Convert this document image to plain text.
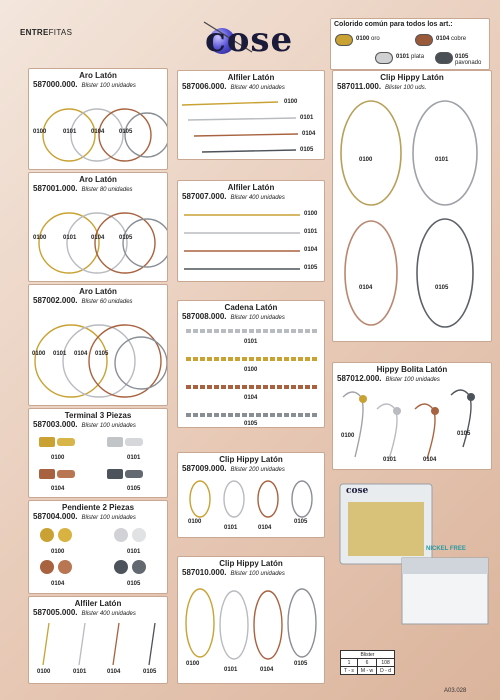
ENTREFITAS	cose	Colorido común para todos los art.:
0100 oro	0104 cobre
0101 plata	0105 pavonado
Aro Latón
587000.000. Blister 100 unidades
0100	0101 0104 0105
Aro Latón
587001.000. Blister 80 unidades
0100	0101 0104 0105
Aro Latón
587002.000. Blister 60 unidades
0100 0101 0104 0105
Terminal 3 Piezas
587003.000. Blister 100 unidades
0100	0101
0104	0105
Pendiente 2 Piezas
587004.000. Blister 100 unidades
0100	0101
0104	0105
Alfiler Latón
587005.000. Blister 400 unidades
0100	0101	0104	0105
Alfiler Latón
587006.000. Blister 400 unidades
0100
0101
0104
0105
Alfiler Latón
587007.000. Blister 400 unidades
0100
0101
0104
0105
Cadena Latón
587008.000. Blister 100 unidades
0101
0100
0104
0105
Clip Hippy Latón
587009.000. Blister 200 unidades
0100
0101	0104
0105
Clip Hippy Latón
587010.000. Blister 100 unidades
0100
0101	0104
0105
Clip Hippy Latón
587011.000. Blister 100 uds.
0100	0101
0104	0105
Hippy Bolita Latón
587012.000. Blister 100 unidades
0100
0101	0104
0105
cose
NICKEL FREE
Blister		
1	6	108
T - s	M - w	D - d
A03.028
